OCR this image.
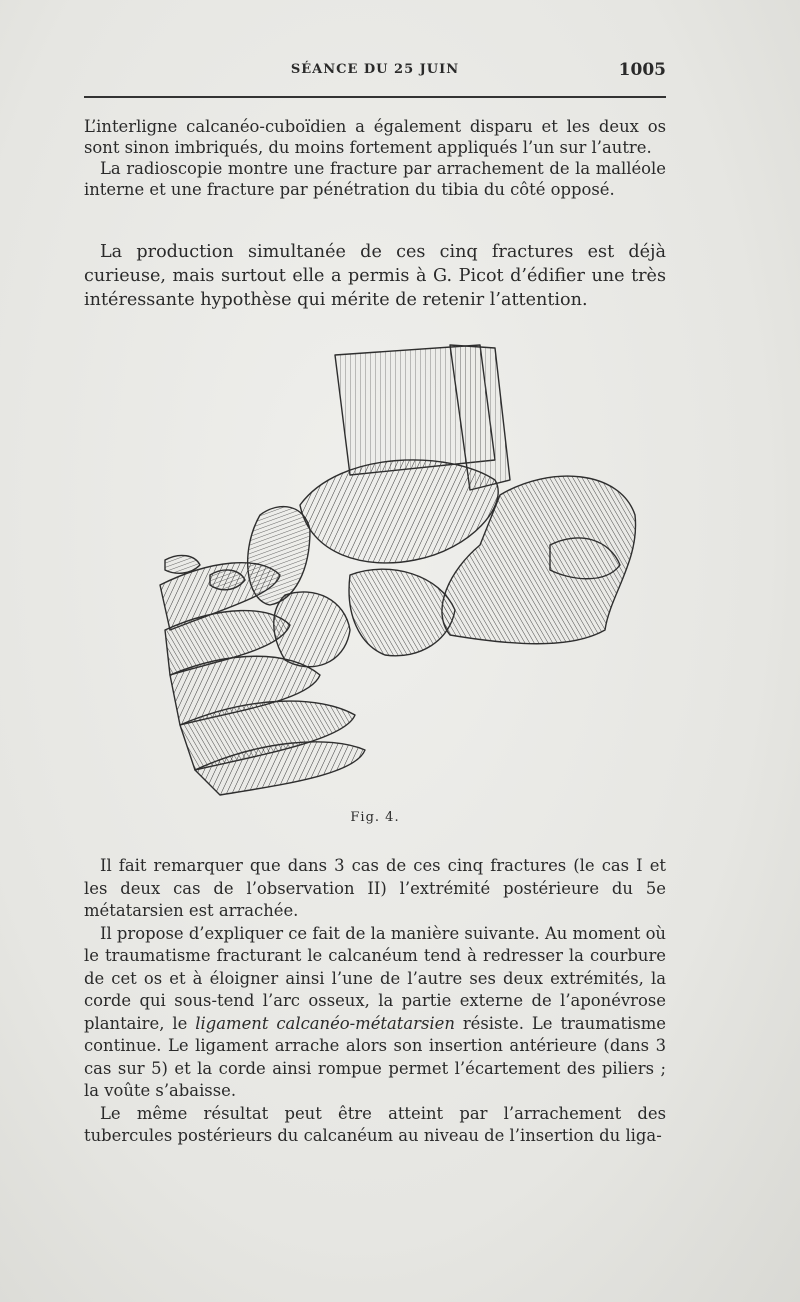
SÉANCE DU 25 JUIN	1005

L’interligne calcanéo-cuboïdien a également disparu et les deux os sont sinon imbriqués, du moins fortement appliqués l’un sur l’autre.

La radioscopie montre une fracture par arrachement de la malléole interne et une fracture par pénétration du tibia du côté opposé.

La production simultanée de ces cinq fractures est déjà curieuse, mais surtout elle a permis à G. Picot d’édifier une très intéressante hypothèse qui mérite de retenir l’attention.

Fig. 4.

Il fait remarquer que dans 3 cas de ces cinq fractures (le cas I et les deux cas de l’observation II) l’extrémité postérieure du 5e métatarsien est arrachée.

Il propose d’expliquer ce fait de la manière suivante. Au moment où le traumatisme fracturant le calcanéum tend à redresser la courbure de cet os et à éloigner ainsi l’une de l’autre ses deux extrémités, la corde qui sous-tend l’arc osseux, la partie externe de l’aponévrose plantaire, le ligament calcanéo-métatarsien résiste. Le traumatisme continue. Le ligament arrache alors son insertion antérieure (dans 3 cas sur 5) et la corde ainsi rompue permet l’écartement des piliers ; la voûte s’abaisse.

Le même résultat peut être atteint par l’arrachement des tubercules postérieurs du calcanéum au niveau de l’insertion du liga-
